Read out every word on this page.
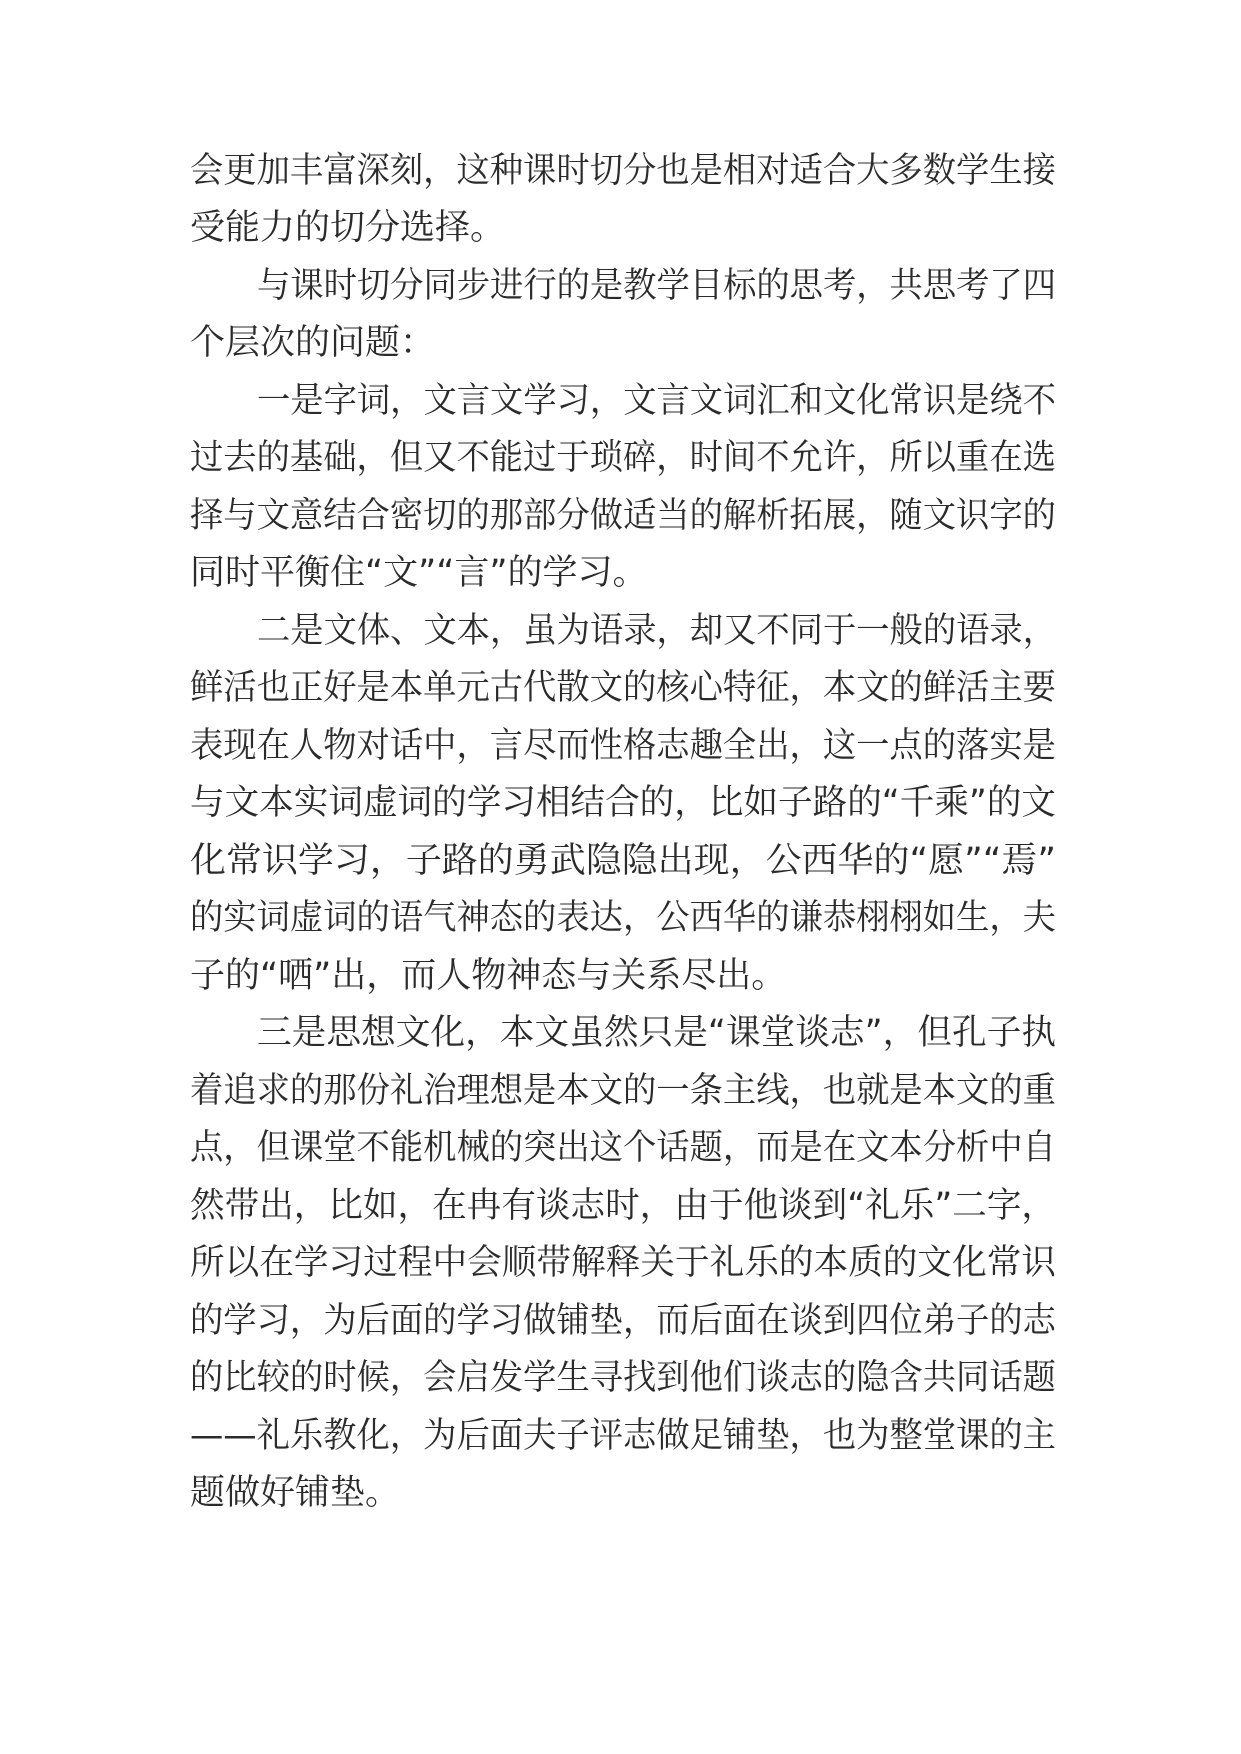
会更加丰富深刻，这种课时切分也是相对适合大多数学生接
受能力的切分选择。
与课时切分同步进行的是教学目标的思考，共思考了四
个层次的问题：
一是字词，文言文学习，文言文词汇和文化常识是绕不
过去的基础，但又不能过于琐碎，时间不允许，所以重在选
择与文意结合密切的那部分做适当的解析拓展，随文识字的
同时平衡住“文”“言”的学习。
二是文体、文本，虽为语录，却又不同于一般的语录，
鲜活也正好是本单元古代散文的核心特征，本文的鲜活主要
表现在人物对话中，言尽而性格志趣全出，这一点的落实是
与文本实词虚词的学习相结合的，比如子路的“千乘”的文
化常识学习，子路的勇武隐隐出现，公西华的“愿”“焉”
的实词虚词的语气神态的表达，公西华的谦恭栩栩如生，夫
子的“哂”出，而人物神态与关系尽出。
三是思想文化，本文虽然只是“课堂谈志”，但孔子执
着追求的那份礼治理想是本文的一条主线，也就是本文的重
点，但课堂不能机械的突出这个话题，而是在文本分析中自
然带出，比如，在冉有谈志时，由于他谈到“礼乐”二字，
所以在学习过程中会顺带解释关于礼乐的本质的文化常识
的学习，为后面的学习做铺垫，而后面在谈到四位弟子的志
的比较的时候，会启发学生寻找到他们谈志的隐含共同话题
——礼乐教化，为后面夫子评志做足铺垫，也为整堂课的主
题做好铺垫。
